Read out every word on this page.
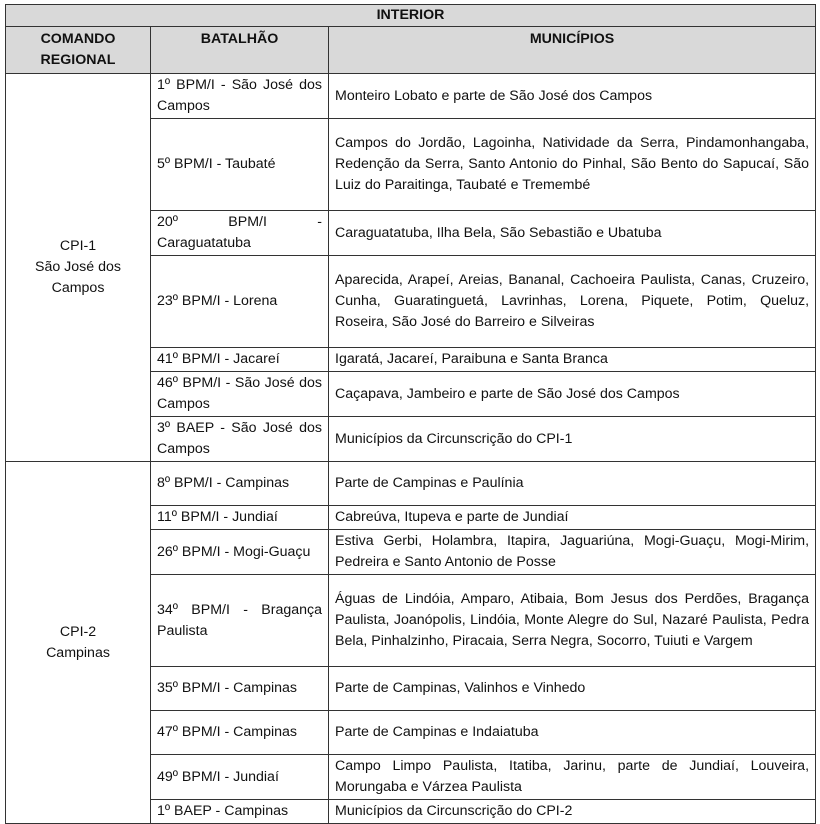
INTERIOR		
COMANDO REGIONAL	BATALHÃO	MUNICÍPIOS

CPI-1
São José dos Campos	1º BPM/I - São José dos Campos	Monteiro Lobato e parte de São José dos Campos
	5º BPM/I - Taubaté	Campos do Jordão, Lagoinha, Natividade da Serra, Pindamonhangaba, Redenção da Serra, Santo Antonio do Pinhal, São Bento do Sapucaí, São Luiz do Paraitinga, Taubaté e Tremembé
	20º BPM/I - Caraguatatuba	Caraguatatuba, Ilha Bela, São Sebastião e Ubatuba
	23º BPM/I - Lorena	Aparecida, Arapeí, Areias, Bananal, Cachoeira Paulista, Canas, Cruzeiro, Cunha, Guaratinguetá, Lavrinhas, Lorena, Piquete, Potim, Queluz, Roseira, São José do Barreiro e Silveiras
	41º BPM/I - Jacareí	Igaratá, Jacareí, Paraibuna e Santa Branca
	46º BPM/I - São José dos Campos	Caçapava, Jambeiro e parte de São José dos Campos
	3º BAEP - São José dos Campos	Municípios da Circunscrição do CPI-1

CPI-2
Campinas	8º BPM/I - Campinas	Parte de Campinas e Paulínia
	11º BPM/I - Jundiaí	Cabreúva, Itupeva e parte de Jundiaí
	26º BPM/I - Mogi-Guaçu	Estiva Gerbi, Holambra, Itapira, Jaguariúna, Mogi-Guaçu, Mogi-Mirim, Pedreira e Santo Antonio de Posse
	34º BPM/I - Bragança Paulista	Águas de Lindóia, Amparo, Atibaia, Bom Jesus dos Perdões, Bragança Paulista, Joanópolis, Lindóia, Monte Alegre do Sul, Nazaré Paulista, Pedra Bela, Pinhalzinho, Piracaia, Serra Negra, Socorro, Tuiuti e Vargem
	35º BPM/I - Campinas	Parte de Campinas, Valinhos e Vinhedo
	47º BPM/I - Campinas	Parte de Campinas e Indaiatuba
	49º BPM/I - Jundiaí	Campo Limpo Paulista, Itatiba, Jarinu, parte de Jundiaí, Louveira, Morungaba e Várzea Paulista
	1º BAEP - Campinas	Municípios da Circunscrição do CPI-2
